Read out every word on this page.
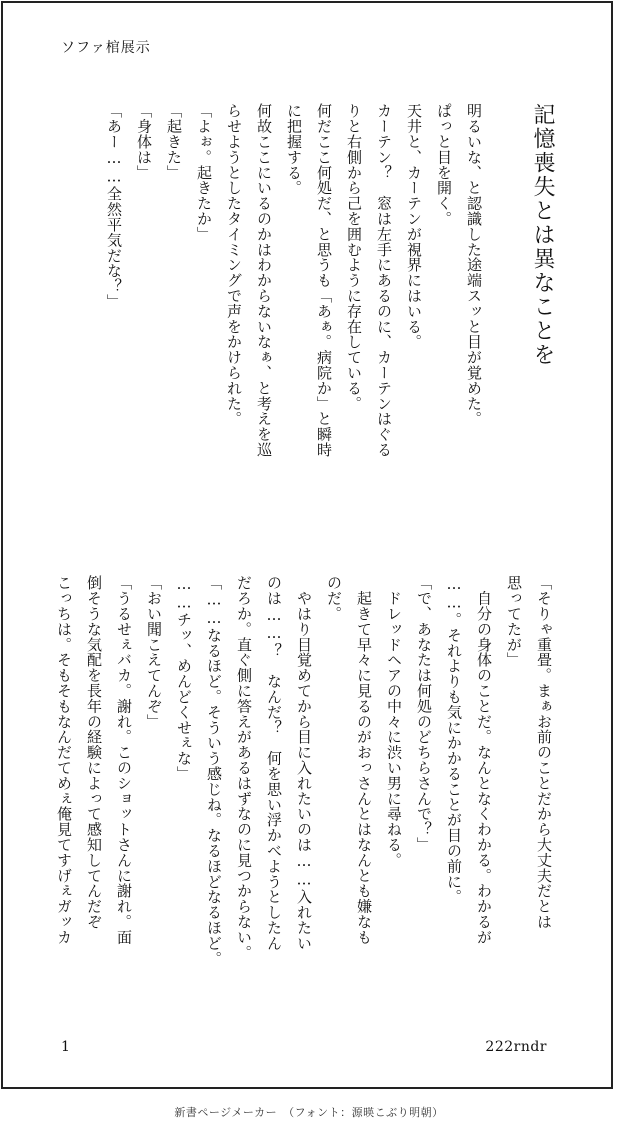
ソファ棺展示

記憶喪失とは異なことを

明るいな、と認識した途端スッと目が覚めた。

ぱっと目を開く。

天井と、カーテンが視界にはいる。

カーテン？　窓は左手にあるのに、カーテンはぐる

りと右側から己を囲むように存在している。

何だここ何処だ、と思うも「あぁ。病院か」と瞬時

に把握する。

何故ここにいるのかはわからないなぁ、と考えを巡

らせようとしたタイミングで声をかけられた。

「よぉ。起きたか」

「起きた」

「身体は」

「あー……全然平気だな？」

「そりゃ重畳。まぁお前のことだから大丈夫だとは

思ってたが」

　自分の身体のことだ。なんとなくわかる。わかるが

……。それよりも気にかかることが目の前に。

「で、あなたは何処のどちらさんで？」

　ドレッドヘアの中々に渋い男に尋ねる。

　起きて早々に見るのがおっさんとはなんとも嫌なも

のだ。

　やはり目覚めてから目に入れたいのは……入れたい

のは……？　なんだ？　何を思い浮かべようとしたん

だろか。直ぐ側に答えがあるはずなのに見つからない。

「……なるほど。そういう感じね。なるほどなるほど。

……チッ、めんどくせぇな」

「おい聞こえてんぞ」

「うるせぇバカ。謝れ。このショットさんに謝れ。面

倒そうな気配を長年の経験によって感知してんだぞ

こっちは。そもそもなんだてめぇ俺見てすげぇガッカ

1	222rndr
新書ページメーカー　（フォント：源暎こぶり明朝）
